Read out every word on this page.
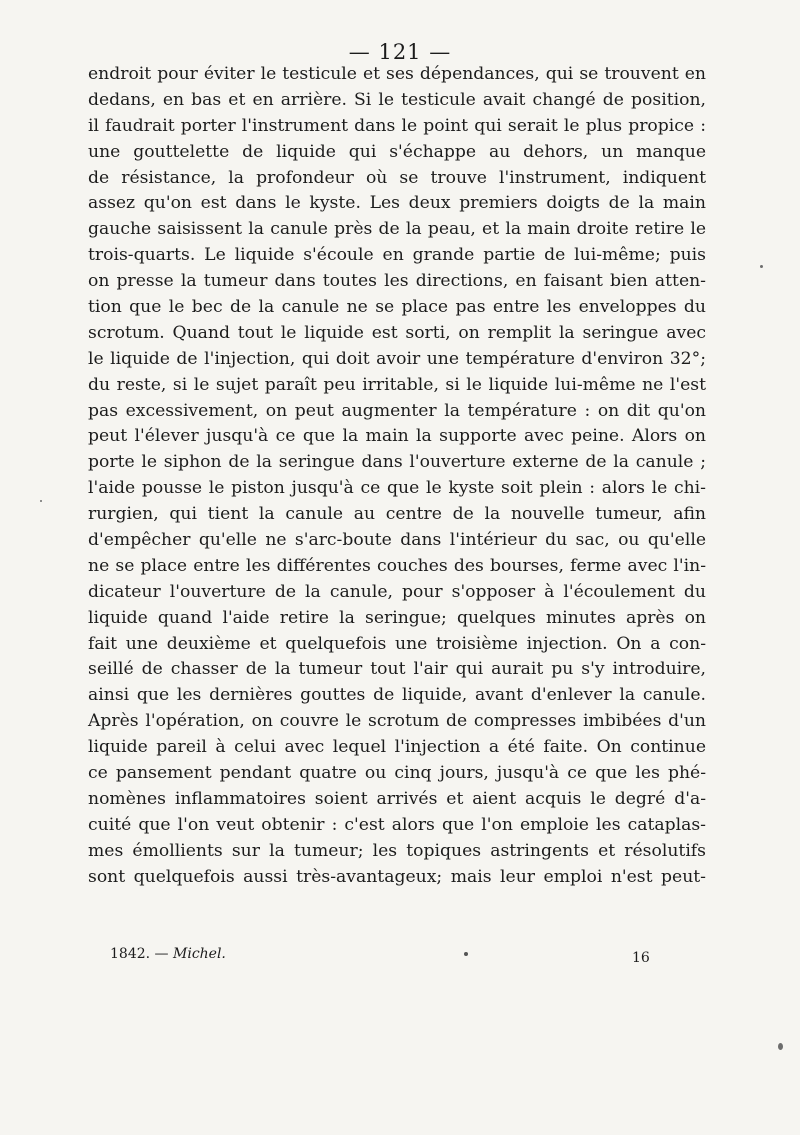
— 121 —
endroit pour éviter le testicule et ses dépendances, qui se trouvent en
dedans, en bas et en arrière. Si le testicule avait changé de position,
il faudrait porter l'instrument dans le point qui serait le plus propice :
une gouttelette de liquide qui s'échappe au dehors, un manque
de résistance, la profondeur où se trouve l'instrument, indiquent
assez qu'on est dans le kyste. Les deux premiers doigts de la main
gauche saisissent la canule près de la peau, et la main droite retire le
trois-quarts. Le liquide s'écoule en grande partie de lui-même; puis
on presse la tumeur dans toutes les directions, en faisant bien atten-
tion que le bec de la canule ne se place pas entre les enveloppes du
scrotum. Quand tout le liquide est sorti, on remplit la seringue avec
le liquide de l'injection, qui doit avoir une température d'environ 32°;
du reste, si le sujet paraît peu irritable, si le liquide lui-même ne l'est
pas excessivement, on peut augmenter la température : on dit qu'on
peut l'élever jusqu'à ce que la main la supporte avec peine. Alors on
porte le siphon de la seringue dans l'ouverture externe de la canule ;
l'aide pousse le piston jusqu'à ce que le kyste soit plein : alors le chi-
rurgien, qui tient la canule au centre de la nouvelle tumeur, afin
d'empêcher qu'elle ne s'arc-boute dans l'intérieur du sac, ou qu'elle
ne se place entre les différentes couches des bourses, ferme avec l'in-
dicateur l'ouverture de la canule, pour s'opposer à l'écoulement du
liquide quand l'aide retire la seringue; quelques minutes après on
fait une deuxième et quelquefois une troisième injection. On a con-
seillé de chasser de la tumeur tout l'air qui aurait pu s'y introduire,
ainsi que les dernières gouttes de liquide, avant d'enlever la canule.
Après l'opération, on couvre le scrotum de compresses imbibées d'un
liquide pareil à celui avec lequel l'injection a été faite. On continue
ce pansement pendant quatre ou cinq jours, jusqu'à ce que les phé-
nomènes inflammatoires soient arrivés et aient acquis le degré d'a-
cuité que l'on veut obtenir : c'est alors que l'on emploie les cataplas-
mes émollients sur la tumeur; les topiques astringents et résolutifs
sont quelquefois aussi très-avantageux; mais leur emploi n'est peut-
1842. — Michel.	16
